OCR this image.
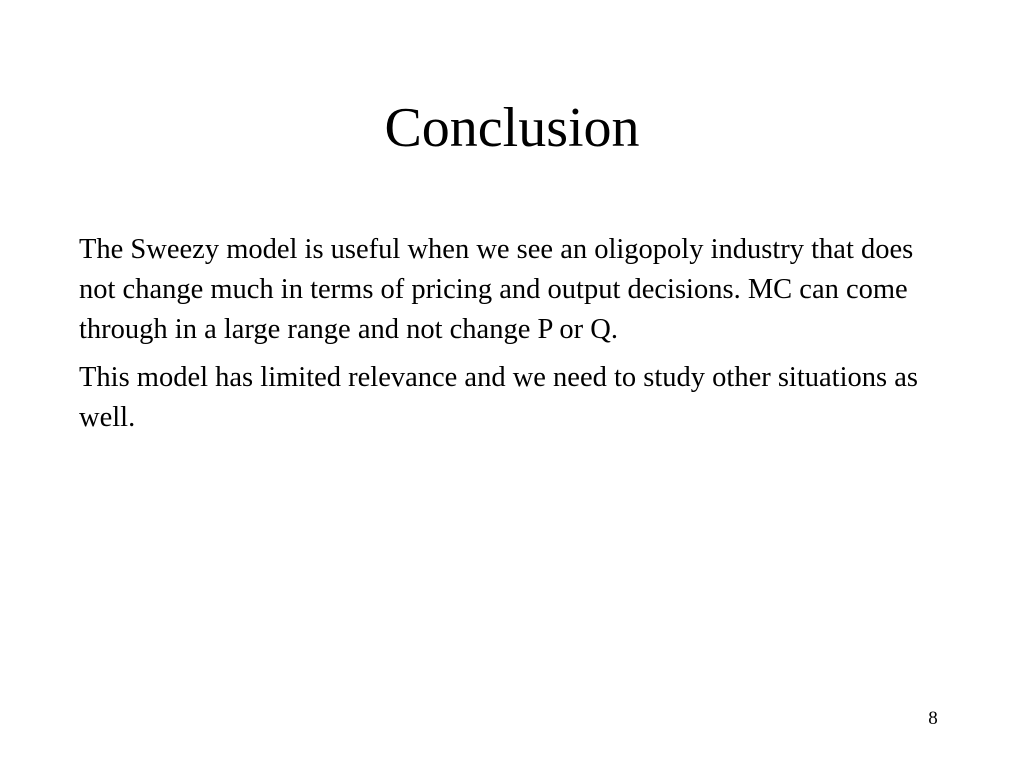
Conclusion

The Sweezy model is useful when we see an oligopoly industry that does not change much in terms of pricing and output decisions. MC can come through in a large range and not change P or Q.

This model has limited relevance and we need to study other situations as well.

8
